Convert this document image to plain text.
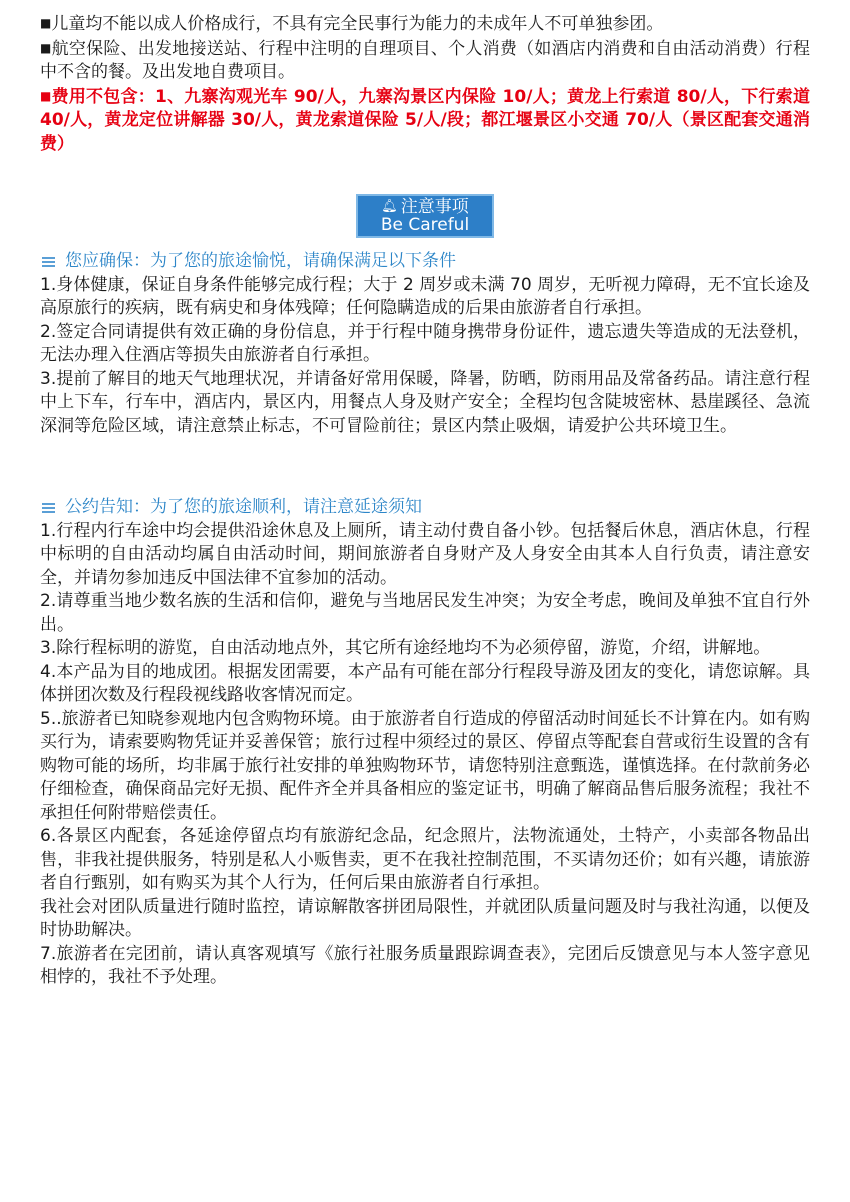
■儿童均不能以成人价格成行，不具有完全民事行为能力的未成年人不可单独参团。

■航空保险、出发地接送站、行程中注明的自理项目、个人消费（如酒店内消费和自由活动消费）行程中不含的餐。及出发地自费项目。

■费用不包含：1、九寨沟观光车 90/人，九寨沟景区内保险 10/人；黄龙上行索道 80/人，下行索道 40/人，黄龙定位讲解器 30/人，黄龙索道保险 5/人/段；都江堰景区小交通 70/人（景区配套交通消费）

🔔︎ 注意事项
Be Careful
您应确保：为了您的旅途愉悦，请确保满足以下条件

1.身体健康，保证自身条件能够完成行程；大于 2 周岁或未满 70 周岁，无听视力障碍，无不宜长途及高原旅行的疾病，既有病史和身体残障；任何隐瞒造成的后果由旅游者自行承担。

2.签定合同请提供有效正确的身份信息，并于行程中随身携带身份证件，遗忘遗失等造成的无法登机，无法办理入住酒店等损失由旅游者自行承担。

3.提前了解目的地天气地理状况，并请备好常用保暖，降暑，防晒，防雨用品及常备药品。请注意行程中上下车，行车中，酒店内，景区内，用餐点人身及财产安全；全程均包含陡坡密林、悬崖蹊径、急流深洞等危险区域，请注意禁止标志，不可冒险前往；景区内禁止吸烟，请爱护公共环境卫生。

公约告知：为了您的旅途顺利，请注意延途须知

1.行程内行车途中均会提供沿途休息及上厕所，请主动付费自备小钞。包括餐后休息，酒店休息，行程中标明的自由活动均属自由活动时间，期间旅游者自身财产及人身安全由其本人自行负责，请注意安全，并请勿参加违反中国法律不宜参加的活动。

2.请尊重当地少数名族的生活和信仰，避免与当地居民发生冲突；为安全考虑，晚间及单独不宜自行外出。

3.除行程标明的游览，自由活动地点外，其它所有途经地均不为必须停留，游览，介绍，讲解地。

4.本产品为目的地成团。根据发团需要，本产品有可能在部分行程段导游及团友的变化，请您谅解。具体拼团次数及行程段视线路收客情况而定。

5..旅游者已知晓参观地内包含购物环境。由于旅游者自行造成的停留活动时间延长不计算在内。如有购买行为，请索要购物凭证并妥善保管；旅行过程中须经过的景区、停留点等配套自营或衍生设置的含有购物可能的场所，均非属于旅行社安排的单独购物环节，请您特别注意甄选，谨慎选择。在付款前务必仔细检查，确保商品完好无损、配件齐全并具备相应的鉴定证书，明确了解商品售后服务流程；我社不承担任何附带赔偿责任。

6.各景区内配套，各延途停留点均有旅游纪念品，纪念照片，法物流通处，土特产，小卖部各物品出售，非我社提供服务，特别是私人小贩售卖，更不在我社控制范围，不买请勿还价；如有兴趣，请旅游者自行甄别，如有购买为其个人行为，任何后果由旅游者自行承担。

我社会对团队质量进行随时监控，请谅解散客拼团局限性，并就团队质量问题及时与我社沟通，以便及时协助解决。

7.旅游者在完团前，请认真客观填写《旅行社服务质量跟踪调查表》，完团后反馈意见与本人签字意见相悖的，我社不予处理。
